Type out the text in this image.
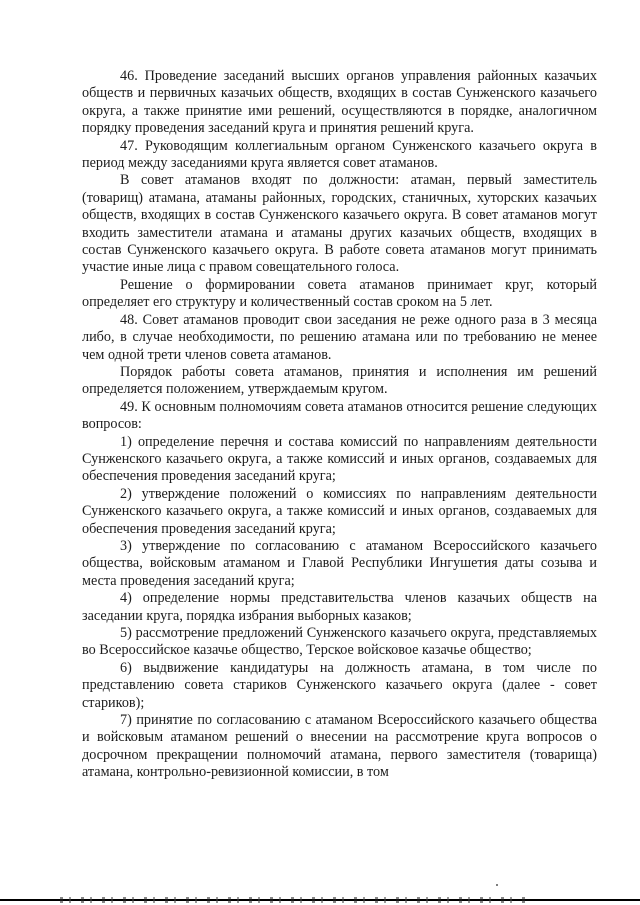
46. Проведение заседаний высших органов управления районных казачьих обществ и первичных казачьих обществ, входящих в состав Сунженского казачьего округа, а также принятие ими решений, осуществляются в порядке, аналогичном порядку проведения заседаний круга и принятия решений круга.

47. Руководящим коллегиальным органом Сунженского казачьего округа в период между заседаниями круга является совет атаманов.

В совет атаманов входят по должности: атаман, первый заместитель (товарищ) атамана, атаманы районных, городских, станичных, хуторских казачьих обществ, входящих в состав Сунженского казачьего округа. В совет атаманов могут входить заместители атамана и атаманы других казачьих обществ, входящих в состав Сунженского казачьего округа. В работе совета атаманов могут принимать участие иные лица с правом совещательного голоса.

Решение о формировании совета атаманов принимает круг, который определяет его структуру и количественный состав сроком на 5 лет.

48. Совет атаманов проводит свои заседания не реже одного раза в 3 месяца либо, в случае необходимости, по решению атамана или по требованию не менее чем одной трети членов совета атаманов.

Порядок работы совета атаманов, принятия и исполнения им решений определяется положением, утверждаемым кругом.

49. К основным полномочиям совета атаманов относится решение следующих вопросов:

1) определение перечня и состава комиссий по направлениям деятельности Сунженского казачьего округа, а также комиссий и иных органов, создаваемых для обеспечения проведения заседаний круга;

2) утверждение положений о комиссиях по направлениям деятельности Сунженского казачьего округа, а также комиссий и иных органов, создаваемых для обеспечения проведения заседаний круга;

3) утверждение по согласованию с атаманом Всероссийского казачьего общества, войсковым атаманом и Главой Республики Ингушетия даты созыва и места проведения заседаний круга;

4) определение нормы представительства членов казачьих обществ на заседании круга, порядка избрания выборных казаков;

5) рассмотрение предложений Сунженского казачьего округа, представляемых во Всероссийское казачье общество, Терское войсковое казачье общество;

6) выдвижение кандидатуры на должность атамана, в том числе по представлению совета стариков Сунженского казачьего округа (далее - совет стариков);

7) принятие по согласованию с атаманом Всероссийского казачьего общества и войсковым атаманом решений о внесении на рассмотрение круга вопросов о досрочном прекращении полномочий атамана, первого заместителя (товарища) атамана, контрольно-ревизионной комиссии, в том
